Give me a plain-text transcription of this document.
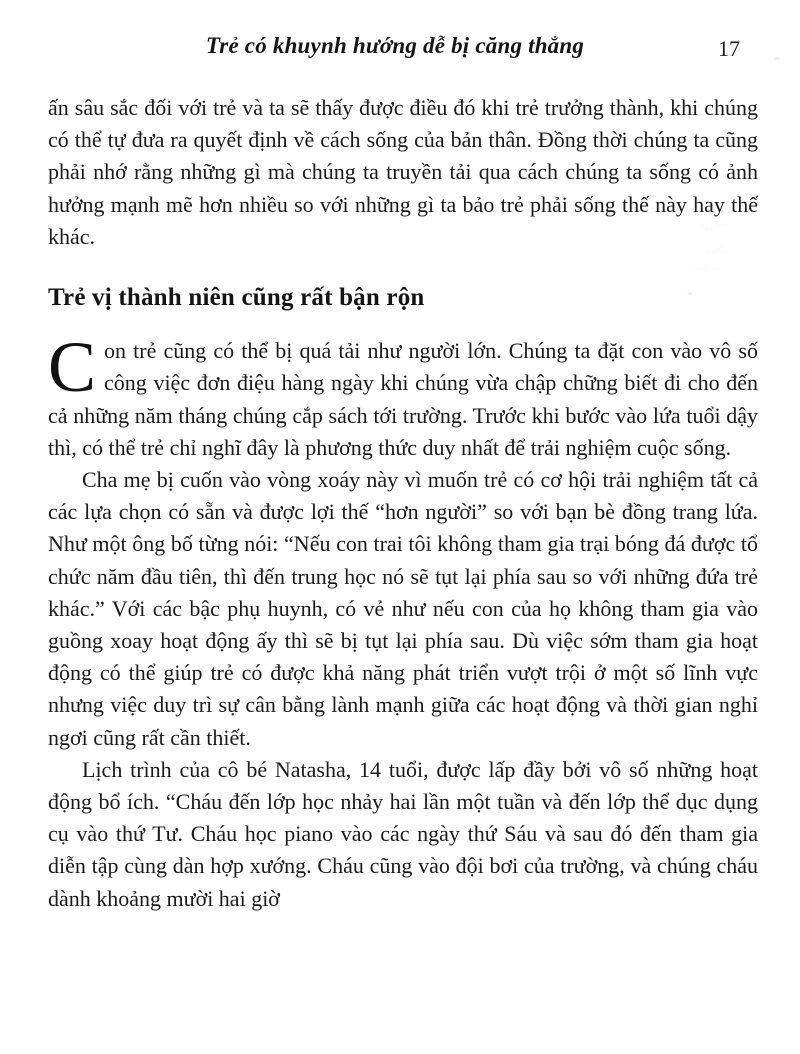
Trẻ có khuynh hướng dễ bị căng thẳng	17

ấn sâu sắc đối với trẻ và ta sẽ thấy được điều đó khi trẻ trưởng thành, khi chúng có thể tự đưa ra quyết định về cách sống của bản thân. Đồng thời chúng ta cũng phải nhớ rằng những gì mà chúng ta truyền tải qua cách chúng ta sống có ảnh hưởng mạnh mẽ hơn nhiều so với những gì ta bảo trẻ phải sống thế này hay thế khác.

Trẻ vị thành niên cũng rất bận rộn

Con trẻ cũng có thể bị quá tải như người lớn. Chúng ta đặt con vào vô số công việc đơn điệu hàng ngày khi chúng vừa chập chững biết đi cho đến cả những năm tháng chúng cắp sách tới trường. Trước khi bước vào lứa tuổi dậy thì, có thể trẻ chỉ nghĩ đây là phương thức duy nhất để trải nghiệm cuộc sống.

Cha mẹ bị cuốn vào vòng xoáy này vì muốn trẻ có cơ hội trải nghiệm tất cả các lựa chọn có sẵn và được lợi thế “hơn người” so với bạn bè đồng trang lứa. Như một ông bố từng nói: “Nếu con trai tôi không tham gia trại bóng đá được tổ chức năm đầu tiên, thì đến trung học nó sẽ tụt lại phía sau so với những đứa trẻ khác.” Với các bậc phụ huynh, có vẻ như nếu con của họ không tham gia vào guồng xoay hoạt động ấy thì sẽ bị tụt lại phía sau. Dù việc sớm tham gia hoạt động có thể giúp trẻ có được khả năng phát triển vượt trội ở một số lĩnh vực nhưng việc duy trì sự cân bằng lành mạnh giữa các hoạt động và thời gian nghỉ ngơi cũng rất cần thiết.

Lịch trình của cô bé Natasha, 14 tuổi, được lấp đầy bởi vô số những hoạt động bổ ích. “Cháu đến lớp học nhảy hai lần một tuần và đến lớp thể dục dụng cụ vào thứ Tư. Cháu học piano vào các ngày thứ Sáu và sau đó đến tham gia diễn tập cùng dàn hợp xướng. Cháu cũng vào đội bơi của trường, và chúng cháu dành khoảng mười hai giờ

·‥···
∴⁖·
·⁘··
